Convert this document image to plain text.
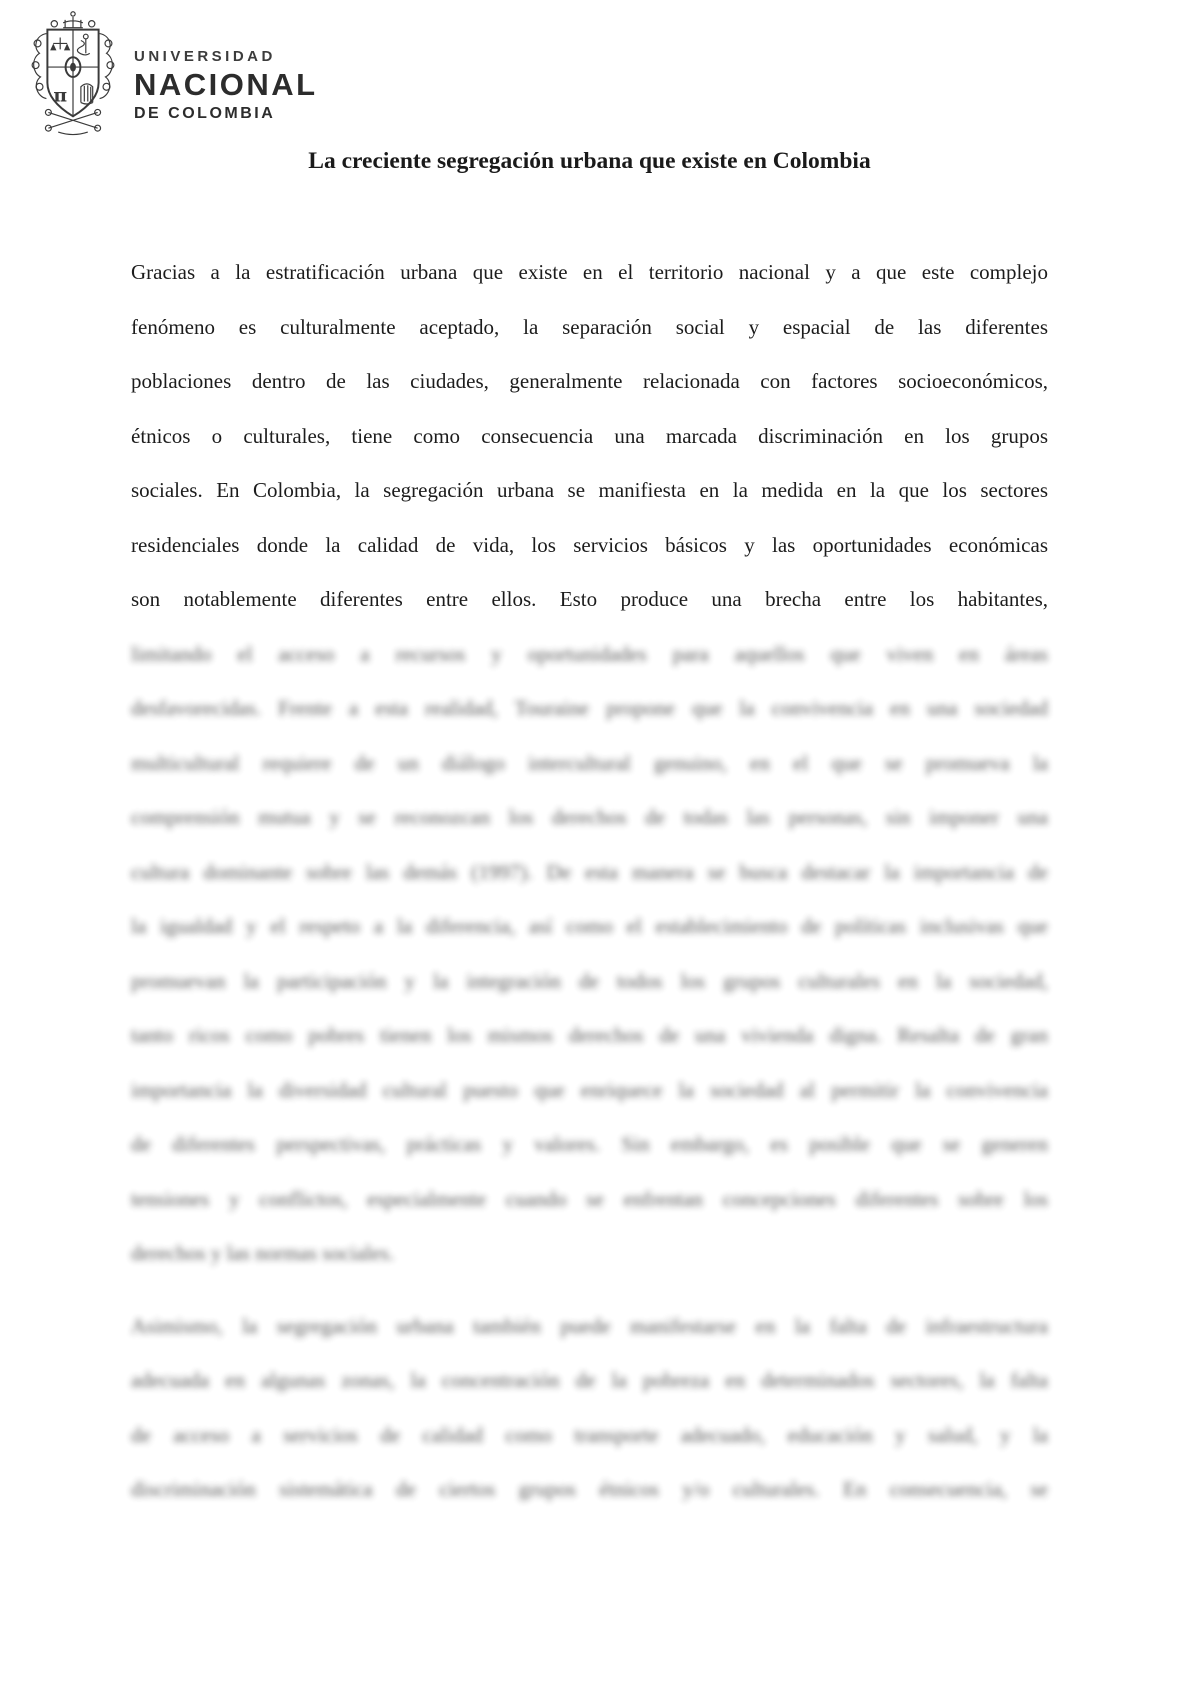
π
UNIVERSIDAD
NACIONAL
DE COLOMBIA
La creciente segregación urbana que existe en Colombia
Gracias a la estratificación urbana que existe en el territorio nacional y a que este complejo
fenómeno es culturalmente aceptado, la separación social y espacial de las diferentes
poblaciones dentro de las ciudades, generalmente relacionada con factores socioeconómicos,
étnicos o culturales, tiene como consecuencia una marcada discriminación en los grupos
sociales. En Colombia, la segregación urbana se manifiesta en la medida en la que los sectores
residenciales donde la calidad de vida, los servicios básicos y las oportunidades económicas
son notablemente diferentes entre ellos. Esto produce una brecha entre los habitantes,
limitando el acceso a recursos y oportunidades para aquellos que viven en áreas
desfavorecidas. Frente a esta realidad, Touraine propone que la convivencia en una sociedad
multicultural requiere de un diálogo intercultural genuino, en el que se promueva la
comprensión mutua y se reconozcan los derechos de todas las personas, sin imponer una
cultura dominante sobre las demás (1997). De esta manera se busca destacar la importancia de
la igualdad y el respeto a la diferencia, así como el establecimiento de políticas inclusivas que
promuevan la participación y la integración de todos los grupos culturales en la sociedad,
tanto ricos como pobres tienen los mismos derechos de una vivienda digna. Resalta de gran
importancia la diversidad cultural puesto que enriquece la sociedad al permitir la convivencia
de diferentes perspectivas, prácticas y valores. Sin embargo, es posible que se generen
tensiones y conflictos, especialmente cuando se enfrentan concepciones diferentes sobre los
derechos y las normas sociales.
Asimismo, la segregación urbana también puede manifestarse en la falta de infraestructura
adecuada en algunas zonas, la concentración de la pobreza en determinados sectores, la falta
de acceso a servicios de calidad como transporte adecuado, educación y salud, y la
discriminación sistemática de ciertos grupos étnicos y/o culturales. En consecuencia, se
